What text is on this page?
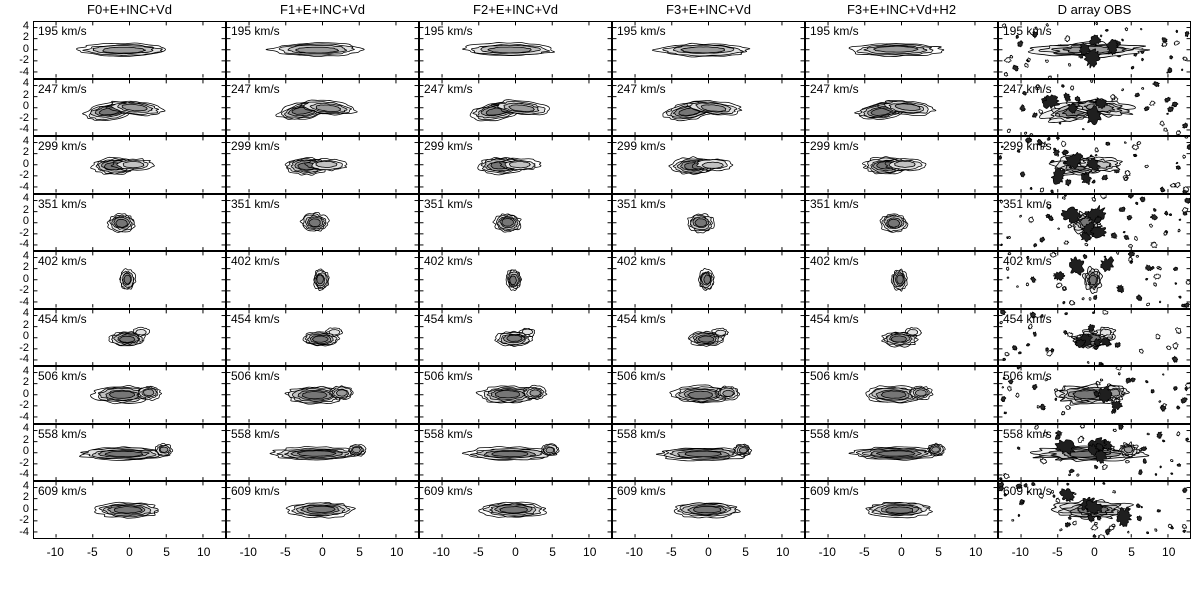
F0+E+INC+Vd	F1+E+INC+Vd	F2+E+INC+Vd	F3+E+INC+Vd	F3+E+INC+Vd+H2	D array OBS
4
2
0
-2
-4
4
2
0
-2
-4
4
2
0
-2
-4
4
2
0
-2
-4
4
2
0
-2
-4
4
2
0
-2
-4
4
2
0
-2
-4
4
2
0
-2
-4
4
2
0
-2
-4
-10	-5	0	5	10	-10	-5	0	5	10	-10	-5	0	5	10	-10	-5	0	5	10	-10	-5	0	5	10	-10	-5	0	5	10
195 km/s	195 km/s	195 km/s	195 km/s	195 km/s	195 km/s
247 km/s	247 km/s	247 km/s	247 km/s	247 km/s	247 km/s
299 km/s	299 km/s	299 km/s	299 km/s	299 km/s	299 km/s
351 km/s	351 km/s	351 km/s	351 km/s	351 km/s	351 km/s
402 km/s	402 km/s	402 km/s	402 km/s	402 km/s	402 km/s
454 km/s	454 km/s	454 km/s	454 km/s	454 km/s	454 km/s
506 km/s	506 km/s	506 km/s	506 km/s	506 km/s	506 km/s
558 km/s	558 km/s	558 km/s	558 km/s	558 km/s	558 km/s
609 km/s	609 km/s	609 km/s	609 km/s	609 km/s	609 km/s
